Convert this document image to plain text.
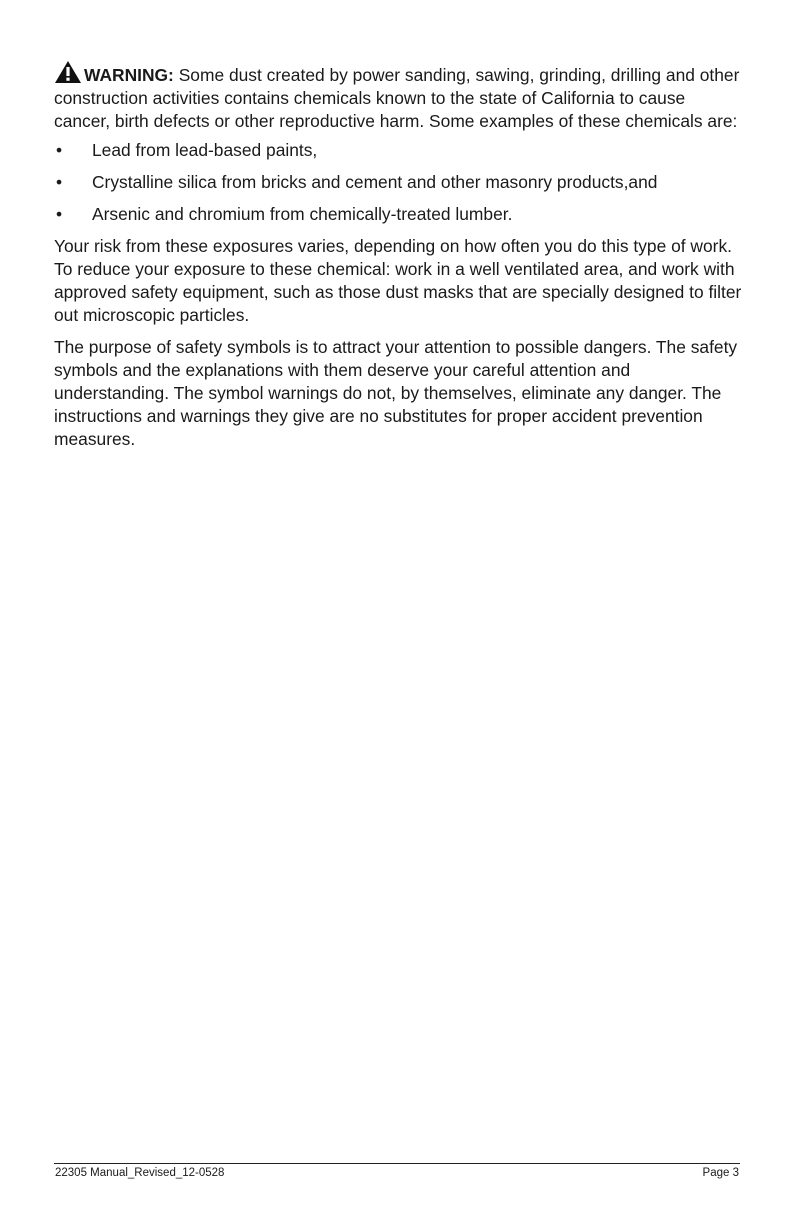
WARNING: Some dust created by power sanding, sawing, grinding, drilling and other construction activities contains chemicals known to the state of California to cause cancer, birth defects or other reproductive harm. Some examples of these chemicals are:

• Lead from lead-based paints,
• Crystalline silica from bricks and cement and other masonry products,and
• Arsenic and chromium from chemically-treated lumber.

Your risk from these exposures varies, depending on how often you do this type of work. To reduce your exposure to these chemical: work in a well ventilated area, and work with approved safety equipment, such as those dust masks that are specially designed to filter out microscopic particles.

The purpose of safety symbols is to attract your attention to possible dangers. The safety symbols and the explanations with them deserve your careful attention and understanding. The symbol warnings do not, by themselves, eliminate any danger. The instructions and warnings they give are no substitutes for proper accident prevention measures.

22305 Manual_Revised_12-0528	Page 3
